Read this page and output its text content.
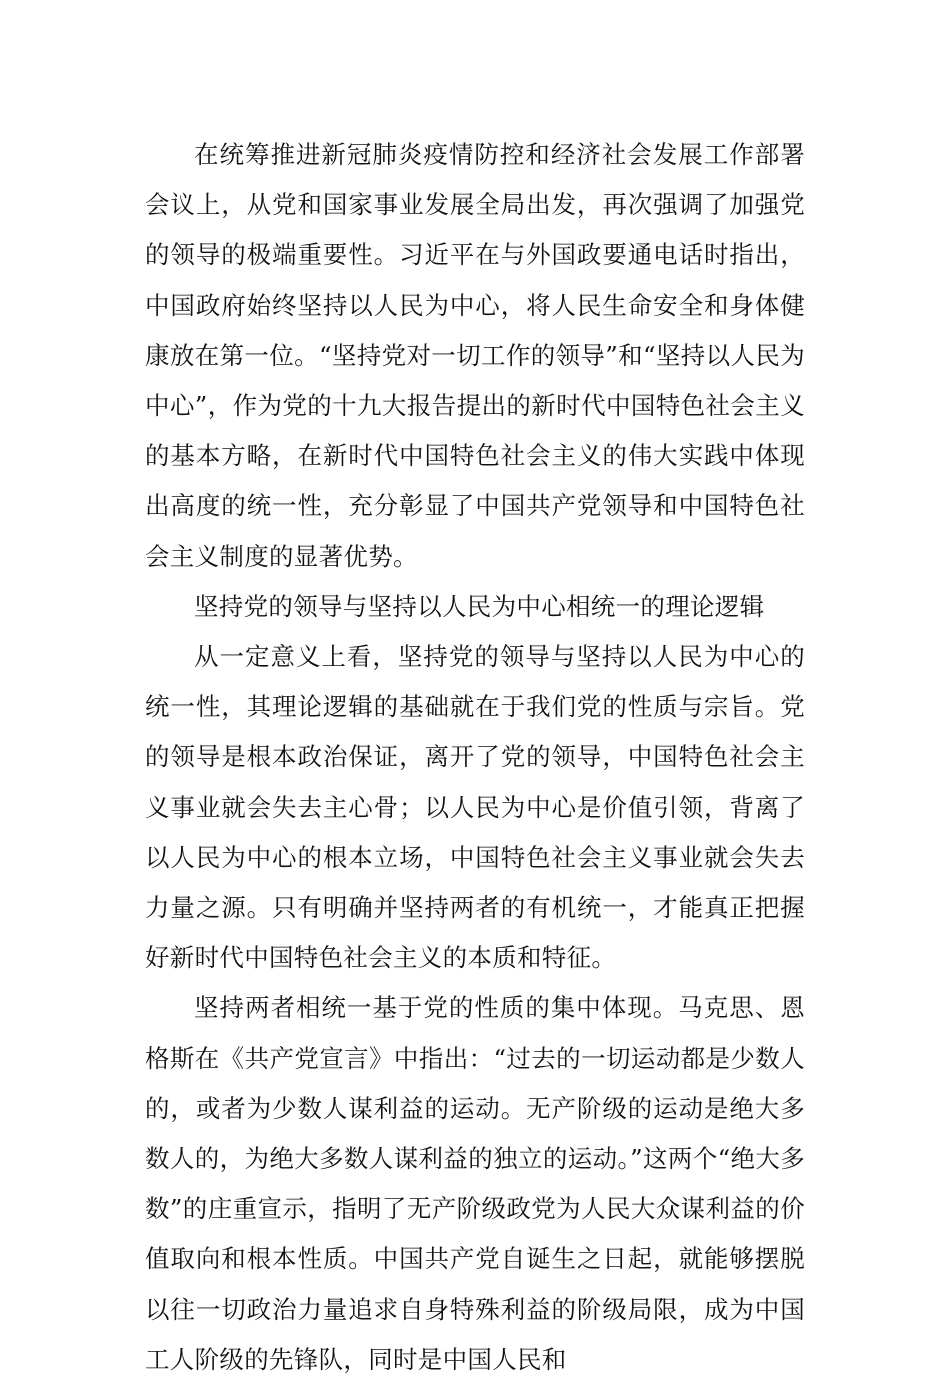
在统筹推进新冠肺炎疫情防控和经济社会发展工作部署会议上，从党和国家事业发展全局出发，再次强调了加强党的领导的极端重要性。习近平在与外国政要通电话时指出，中国政府始终坚持以人民为中心，将人民生命安全和身体健康放在第一位。“坚持党对一切工作的领导”和“坚持以人民为中心”，作为党的十九大报告提出的新时代中国特色社会主义的基本方略，在新时代中国特色社会主义的伟大实践中体现出高度的统一性，充分彰显了中国共产党领导和中国特色社会主义制度的显著优势。

坚持党的领导与坚持以人民为中心相统一的理论逻辑

从一定意义上看，坚持党的领导与坚持以人民为中心的统一性，其理论逻辑的基础就在于我们党的性质与宗旨。党的领导是根本政治保证，离开了党的领导，中国特色社会主义事业就会失去主心骨；以人民为中心是价值引领，背离了以人民为中心的根本立场，中国特色社会主义事业就会失去力量之源。只有明确并坚持两者的有机统一，才能真正把握好新时代中国特色社会主义的本质和特征。

坚持两者相统一基于党的性质的集中体现。马克思、恩格斯在《共产党宣言》中指出：“过去的一切运动都是少数人的，或者为少数人谋利益的运动。无产阶级的运动是绝大多数人的，为绝大多数人谋利益的独立的运动。”这两个“绝大多数”的庄重宣示，指明了无产阶级政党为人民大众谋利益的价值取向和根本性质。中国共产党自诞生之日起，就能够摆脱以往一切政治力量追求自身特殊利益的阶级局限，成为中国工人阶级的先锋队，同时是中国人民和
